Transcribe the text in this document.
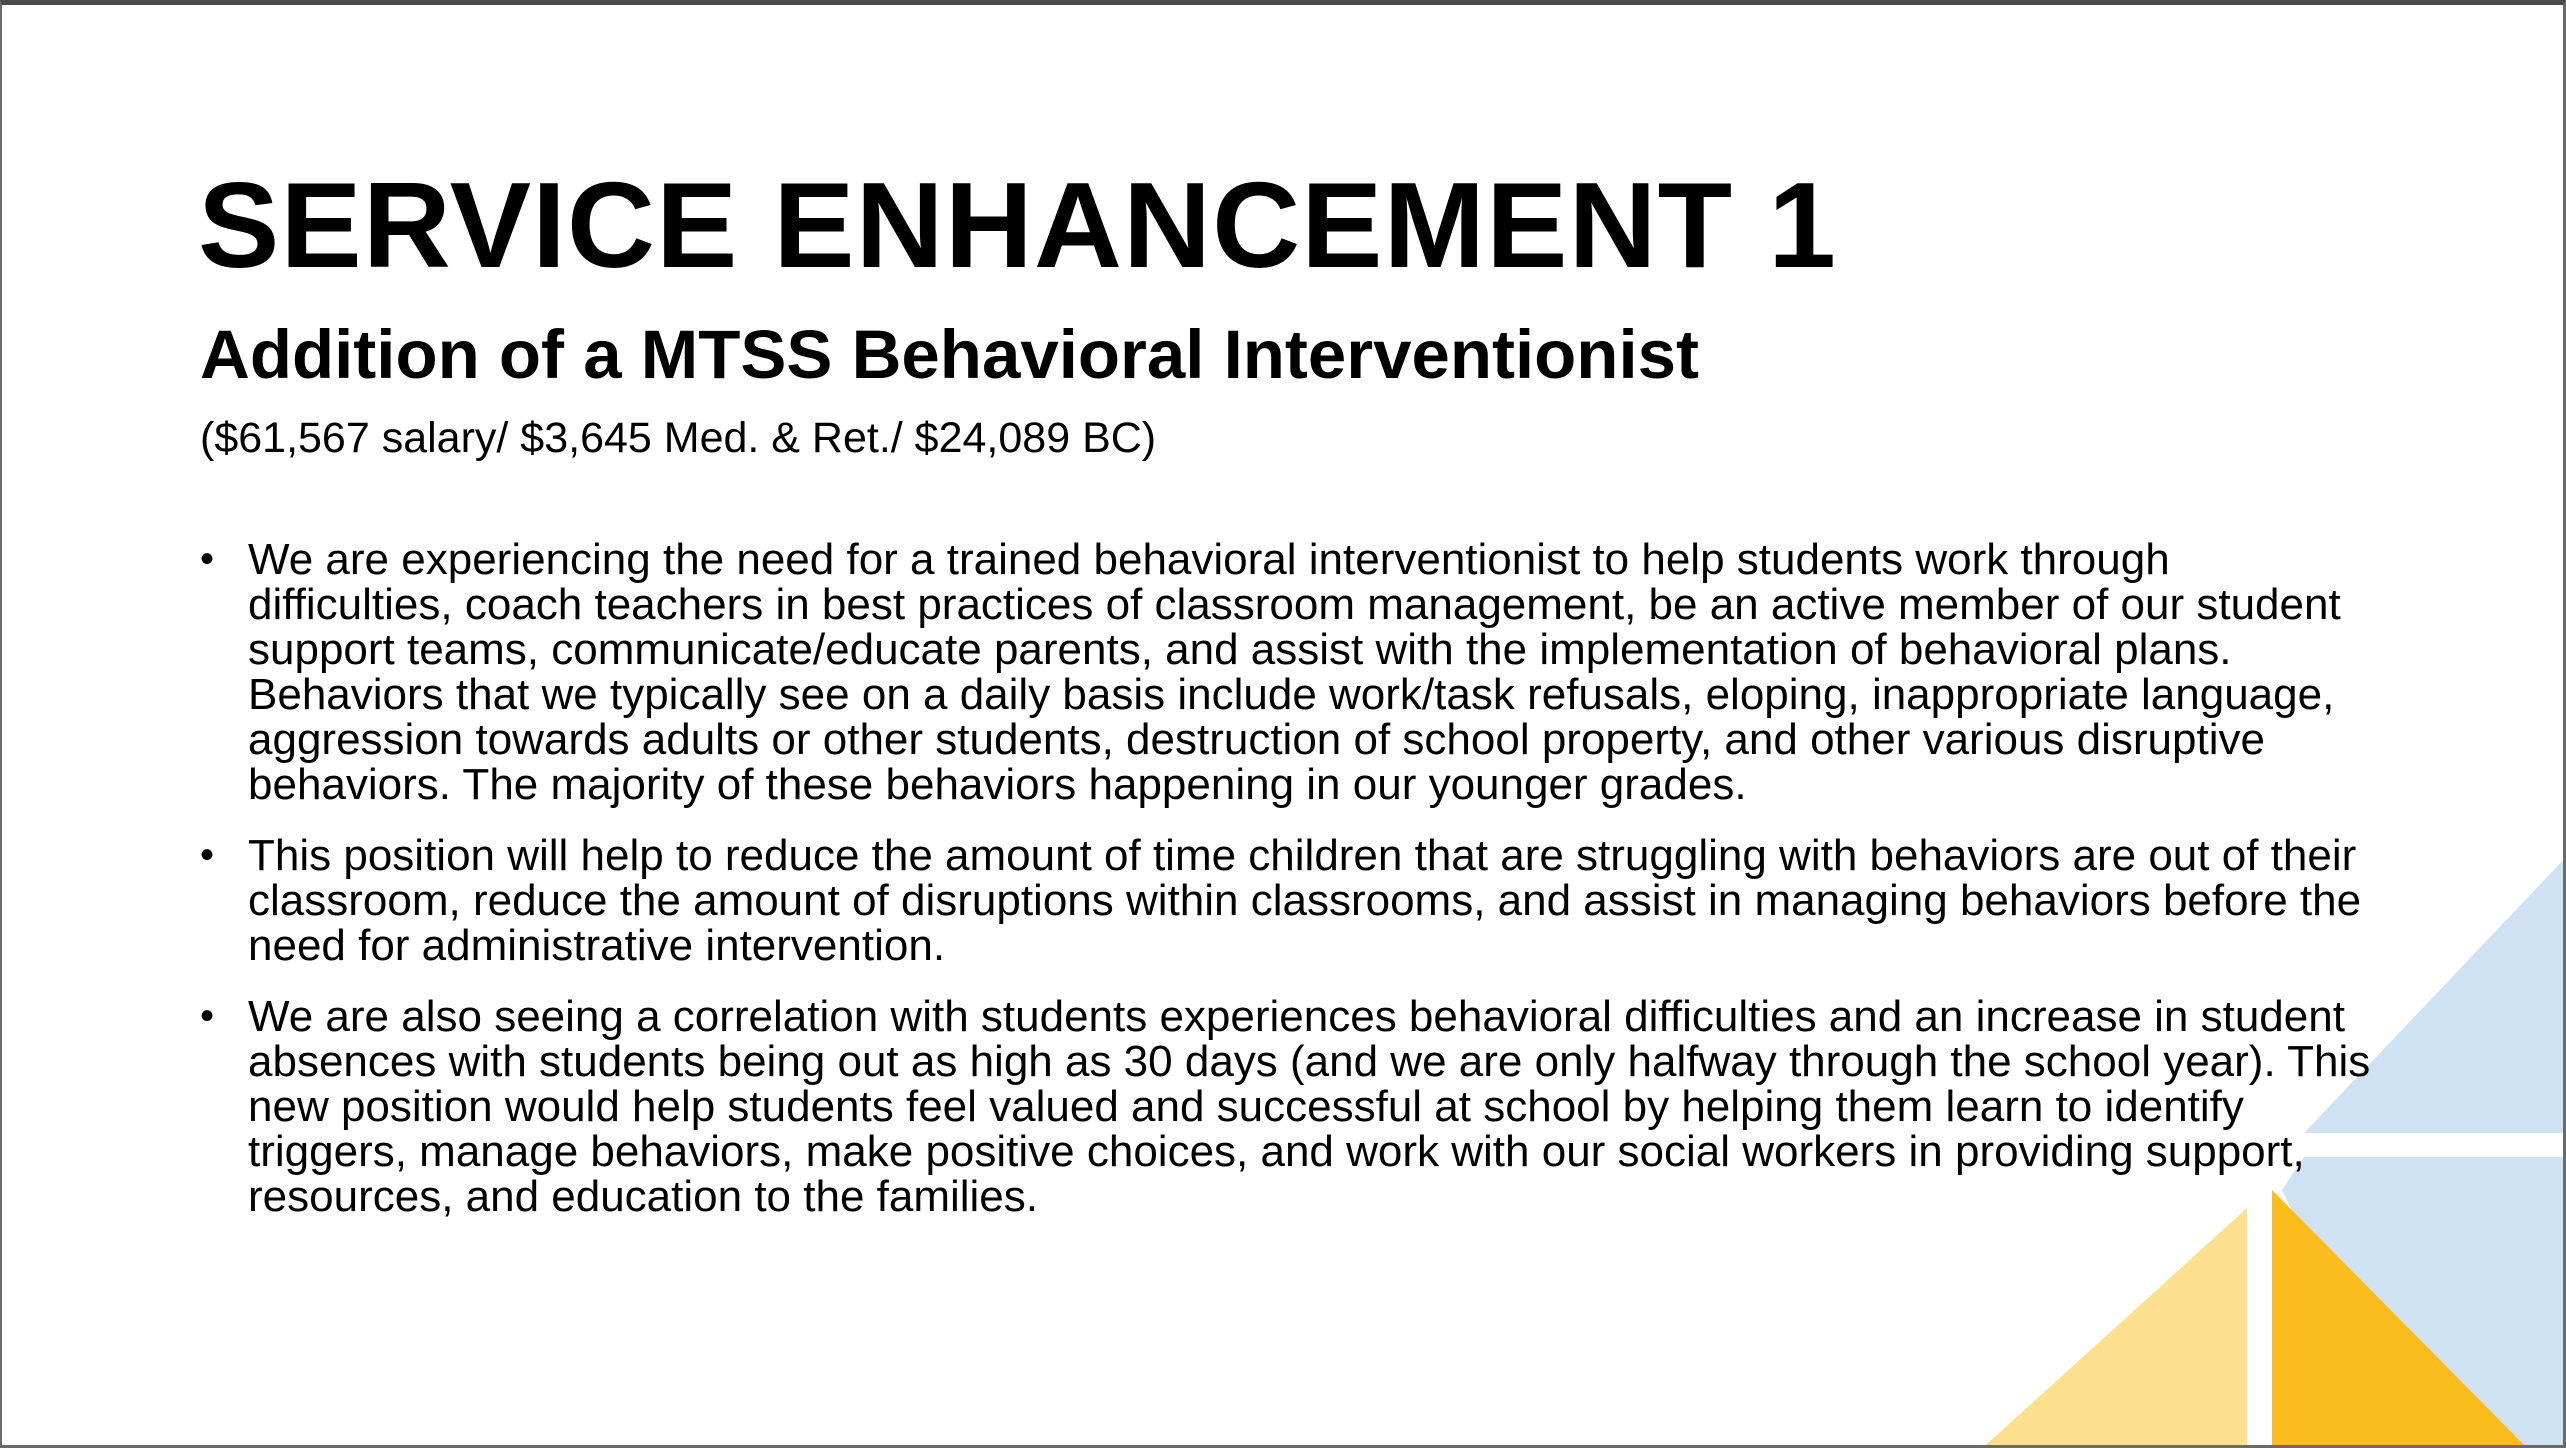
SERVICE ENHANCEMENT 1
Addition of a MTSS Behavioral Interventionist

($61,567 salary/ $3,645 Med. & Ret./ $24,089 BC)

• We are experiencing the need for a trained behavioral interventionist to help students work through difficulties, coach teachers in best practices of classroom management, be an active member of our student support teams, communicate/educate parents, and assist with the implementation of behavioral plans. Behaviors that we typically see on a daily basis include work/task refusals, eloping, inappropriate language, aggression towards adults or other students, destruction of school property, and other various disruptive behaviors. The majority of these behaviors happening in our younger grades.
• This position will help to reduce the amount of time children that are struggling with behaviors are out of their classroom, reduce the amount of disruptions within classrooms, and assist in managing behaviors before the need for administrative intervention.
• We are also seeing a correlation with students experiences behavioral difficulties and an increase in student absences with students being out as high as 30 days (and we are only halfway through the school year). This new position would help students feel valued and successful at school by helping them learn to identify triggers, manage behaviors, make positive choices, and work with our social workers in providing support, resources, and education to the families.
